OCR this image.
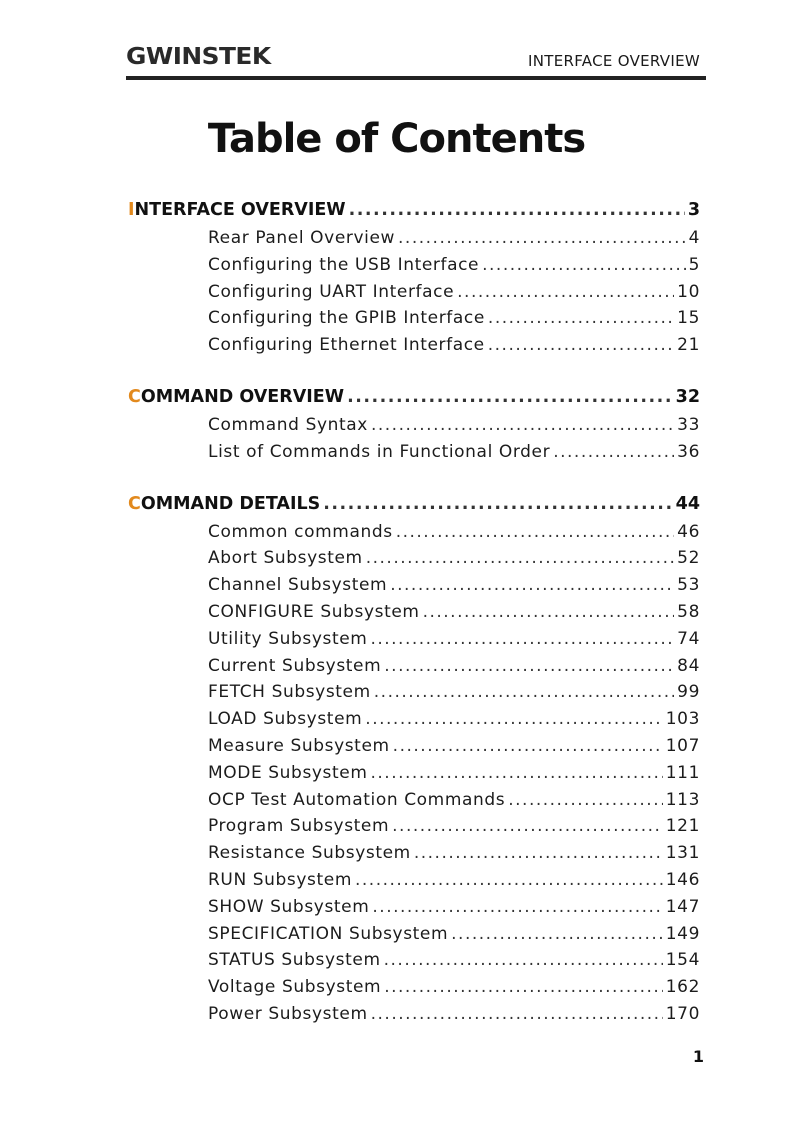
GWINSTEK	INTERFACE OVERVIEW
Table of Contents
INTERFACE OVERVIEW .....	3
Rear Panel Overview .....	4
Configuring the USB Interface .....	5
Configuring UART Interface .....	10
Configuring the GPIB Interface .....	15
Configuring Ethernet Interface .....	21
COMMAND OVERVIEW .....	32
Command Syntax .....	33
List of Commands in Functional Order .....	36
COMMAND DETAILS .....	44
Common commands .....	46
Abort Subsystem .....	52
Channel Subsystem .....	53
CONFIGURE Subsystem .....	58
Utility Subsystem .....	74
Current Subsystem .....	84
FETCH Subsystem .....	99
LOAD Subsystem .....	103
Measure Subsystem .....	107
MODE Subsystem .....	111
OCP Test Automation Commands .....	113
Program Subsystem .....	121
Resistance Subsystem .....	131
RUN Subsystem .....	146
SHOW Subsystem .....	147
SPECIFICATION Subsystem .....	149
STATUS Subsystem .....	154
Voltage Subsystem .....	162
Power Subsystem .....	170
1
